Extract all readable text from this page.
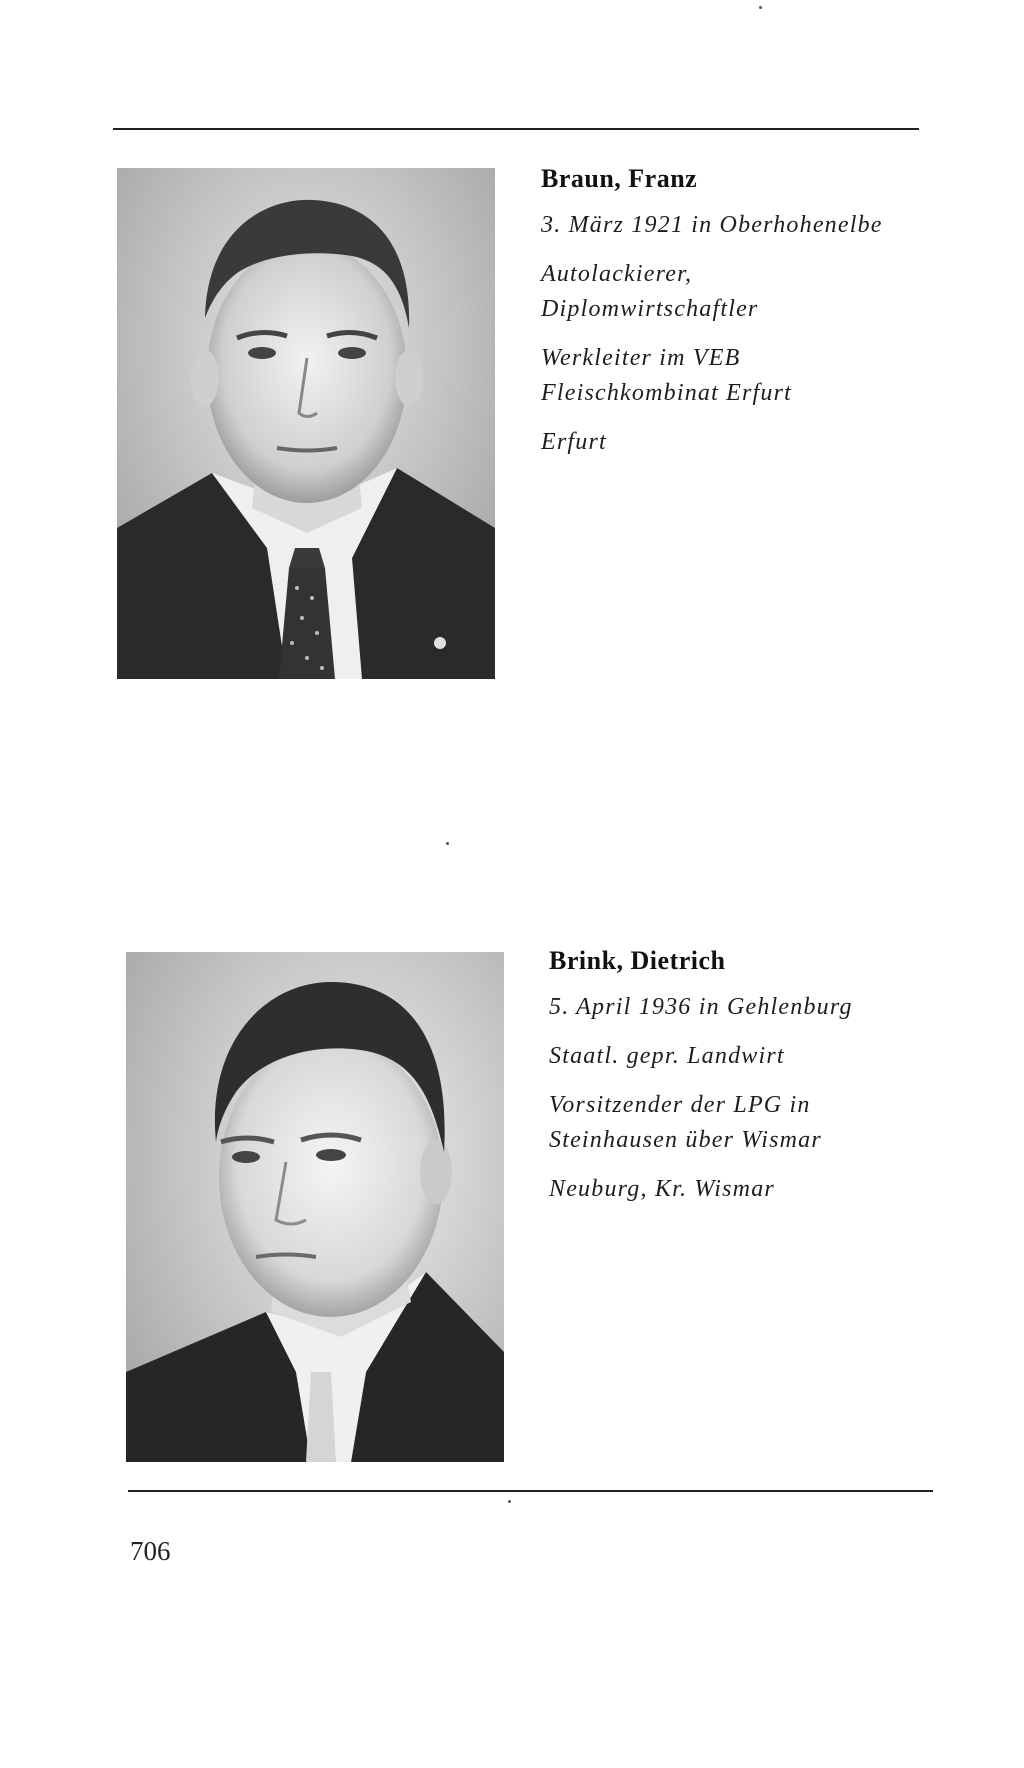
Braun, Franz
3. März 1921 in Oberhohenelbe
Autolackierer,
Diplomwirtschaftler
Werkleiter im VEB
Fleischkombinat Erfurt
Erfurt
Brink, Dietrich
5. April 1936 in Gehlenburg
Staatl. gepr. Landwirt
Vorsitzender der LPG in
Steinhausen über Wismar
Neuburg, Kr. Wismar
706
